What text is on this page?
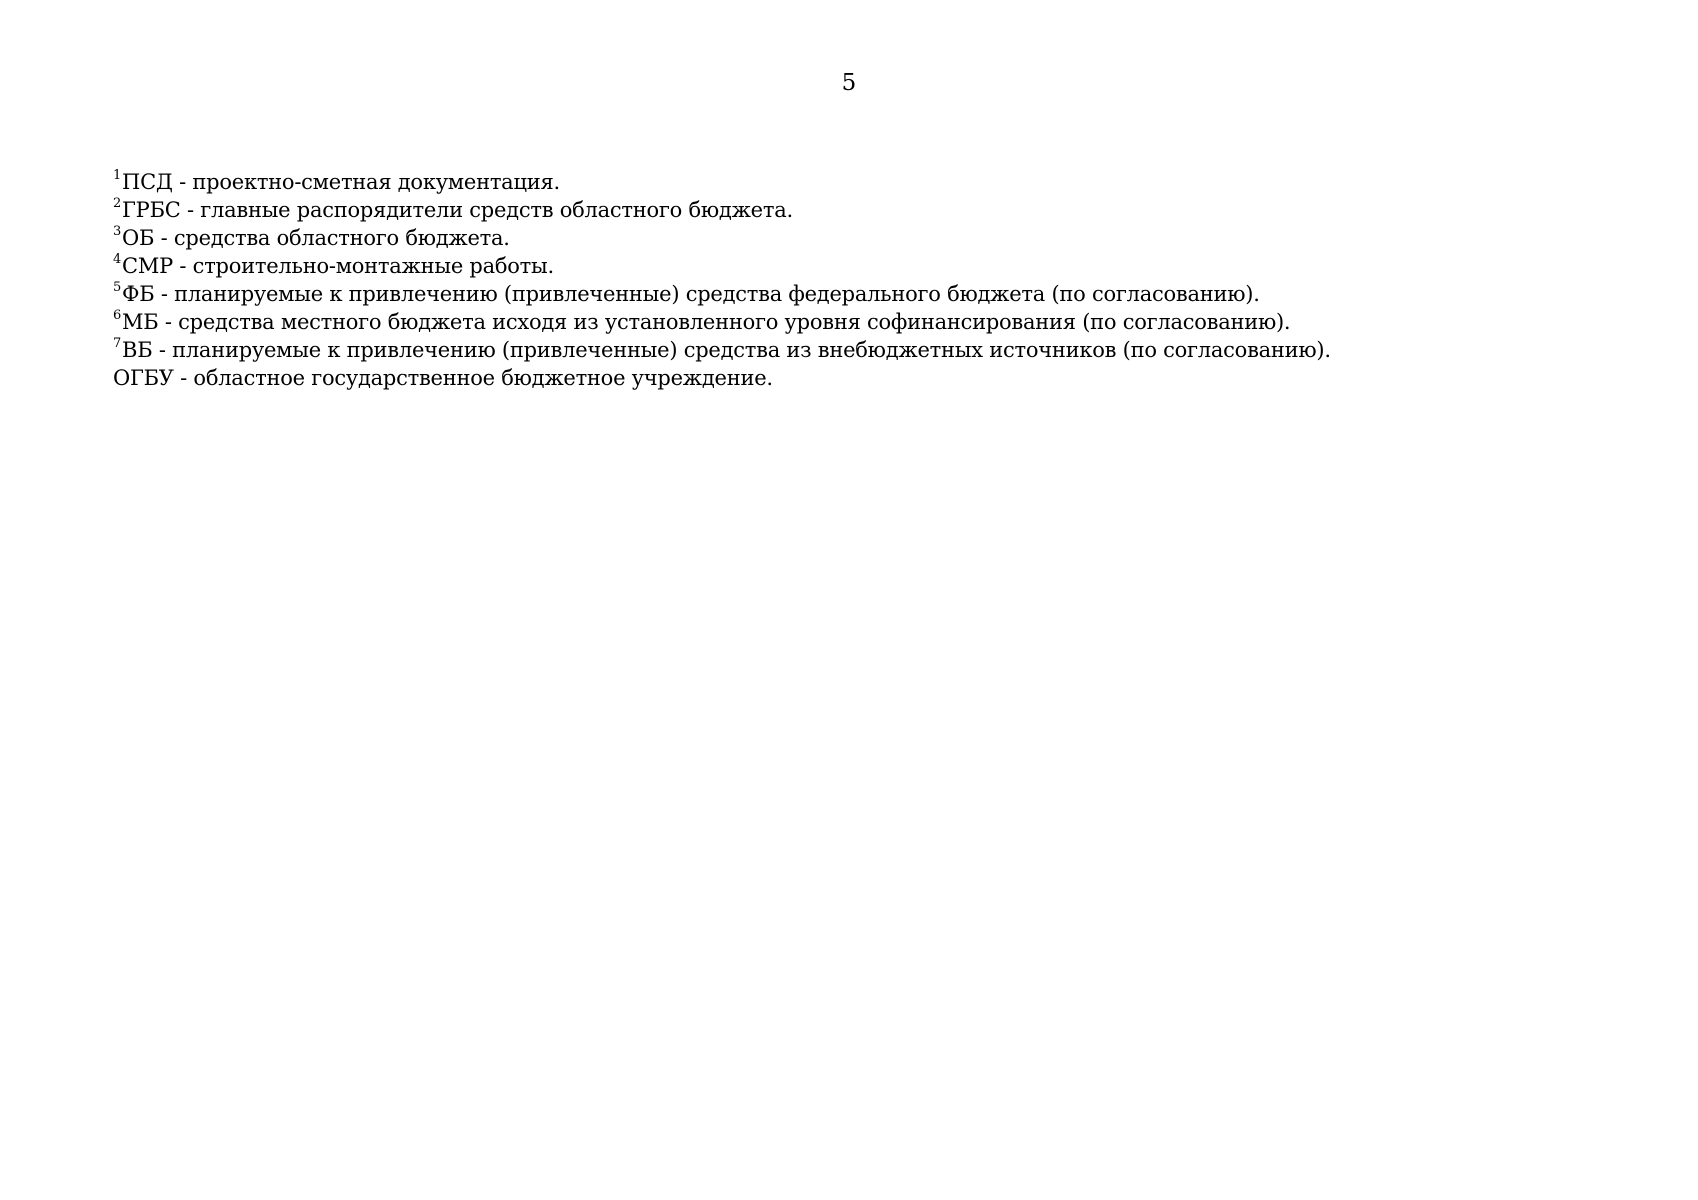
5
$^1$ПСД - проектно-сметная документация.
$^2$ГРБС - главные распорядители средств областного бюджета.
$^3$ОБ - средства областного бюджета.
$^4$СМР - строительно-монтажные работы.
$^5$ФБ - планируемые к привлечению (привлеченные) средства федерального бюджета (по согласованию).
$^6$МБ - средства местного бюджета исходя из установленного уровня софинансирования (по согласованию).
$^7$ВБ - планируемые к привлечению (привлеченные) средства из внебюджетных источников (по согласованию).
ОГБУ - областное государственное бюджетное учреждение.
